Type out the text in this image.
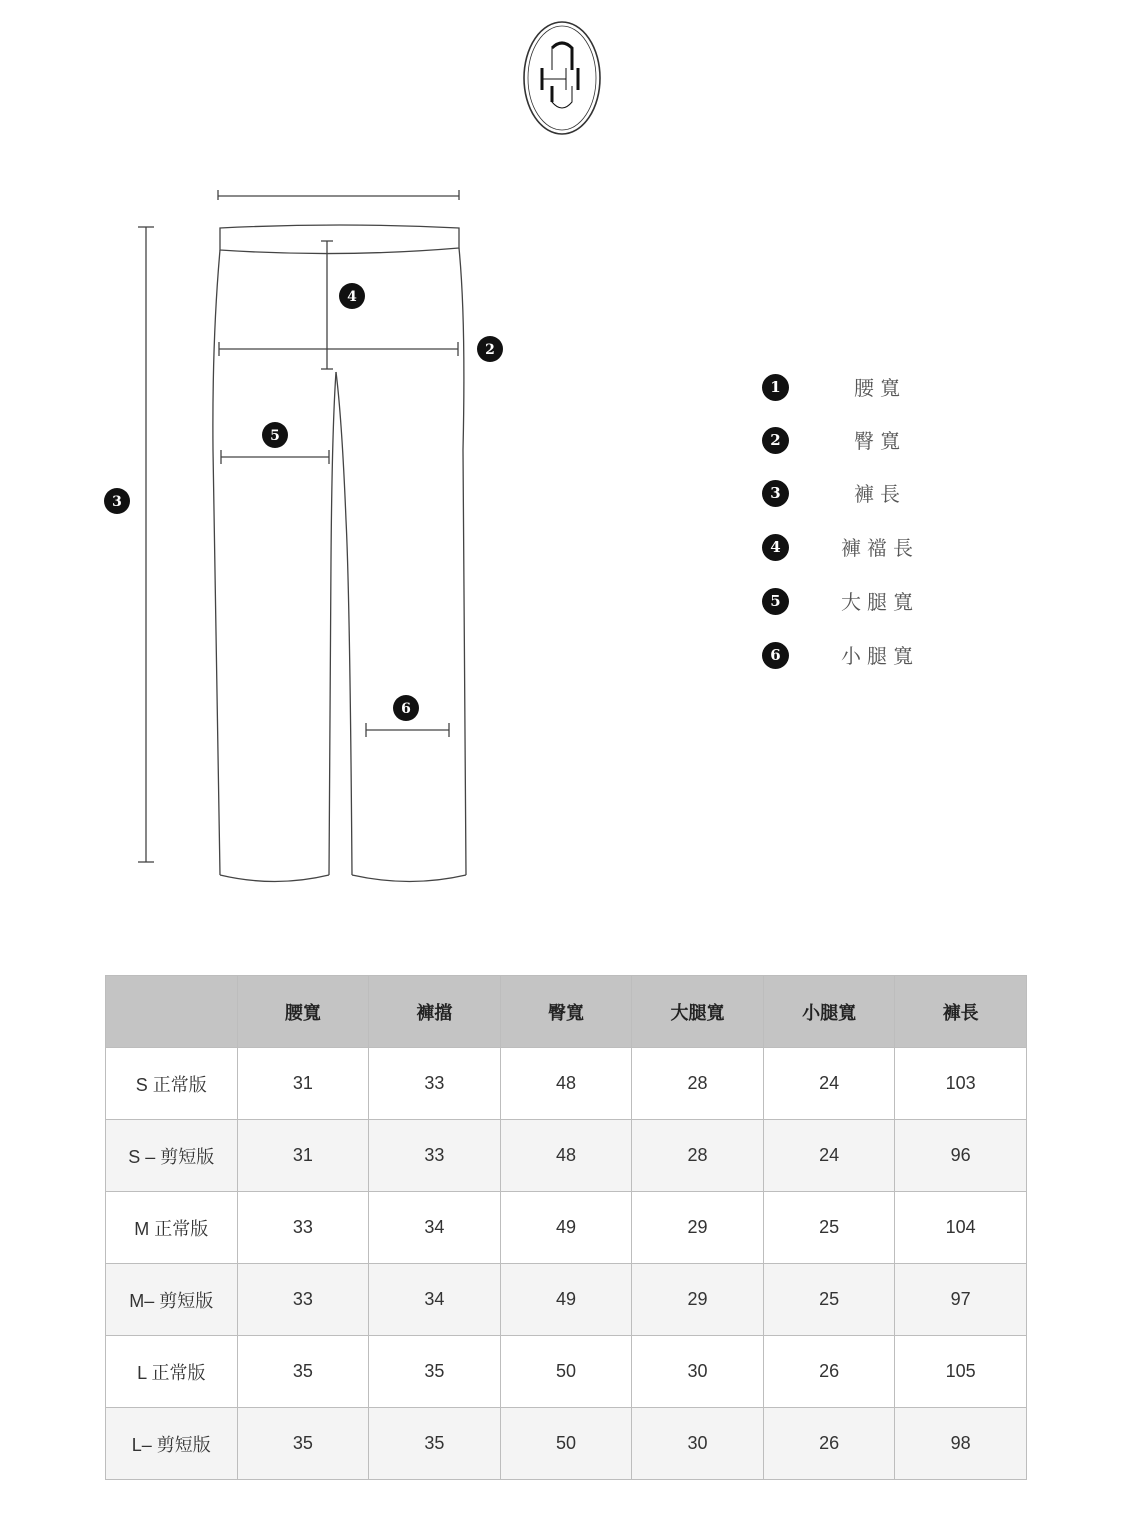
4
2
5
3
6
1	腰寬
2	臀寬
3	褲長
4	褲襠長
5	大腿寬
6	小腿寬
	腰寬	褲擋	臀寬	大腿寬	小腿寬	褲長
S 正常版	31	33	48	28	24	103
S – 剪短版	31	33	48	28	24	96
M 正常版	33	34	49	29	25	104
M– 剪短版	33	34	49	29	25	97
L 正常版	35	35	50	30	26	105
L– 剪短版	35	35	50	30	26	98
